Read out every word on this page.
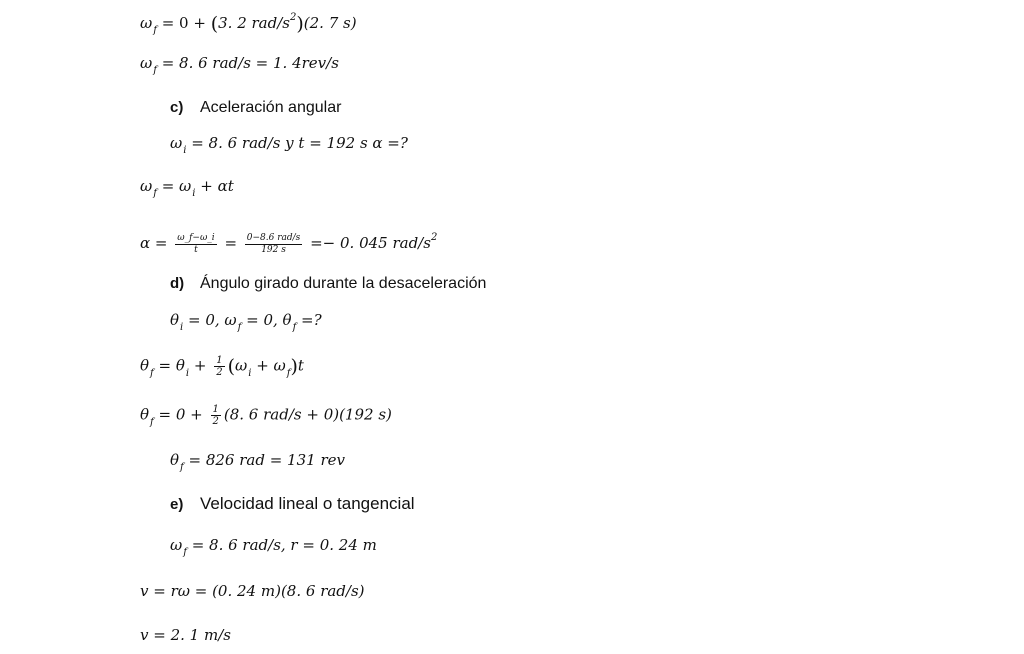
$\omega_f = 0 + (3$. 2 rad/$s^2)(2$. 7 s)
$\omega_f = 8$. 6 rad/s = 1. 4rev/s
c) Aceleración angular
$\omega_i = 8$. 6 rad/s y t = 192 s α =?
$\omega_f = \omega_i + \alpha t$
$\alpha = \frac{\omega\_f-\omega\_i}{t} = \frac{\text{0−8.6 rad/s}}{192 s} =- 0$. 045 rad/$s^2$
d) Ángulo girado durante la desaceleración
$\theta_i = 0$, $\omega_f = 0$, $\theta_f$ =?
$\theta_f = \theta_i + \frac{1}{2} (\omega_i + \omega_f)t$
$\theta_f = 0 + \frac{1}{2} (8$. 6 rad/s + 0)(192 s)
$\theta_f = 826$ rad = 131 rev
e) Velocidad lineal o tangencial
$\omega_f = 8$. 6 rad/s, r = 0. 24 m
v = rω = (0. 24 m)(8. 6 rad/s)
v = 2. 1 m/s
